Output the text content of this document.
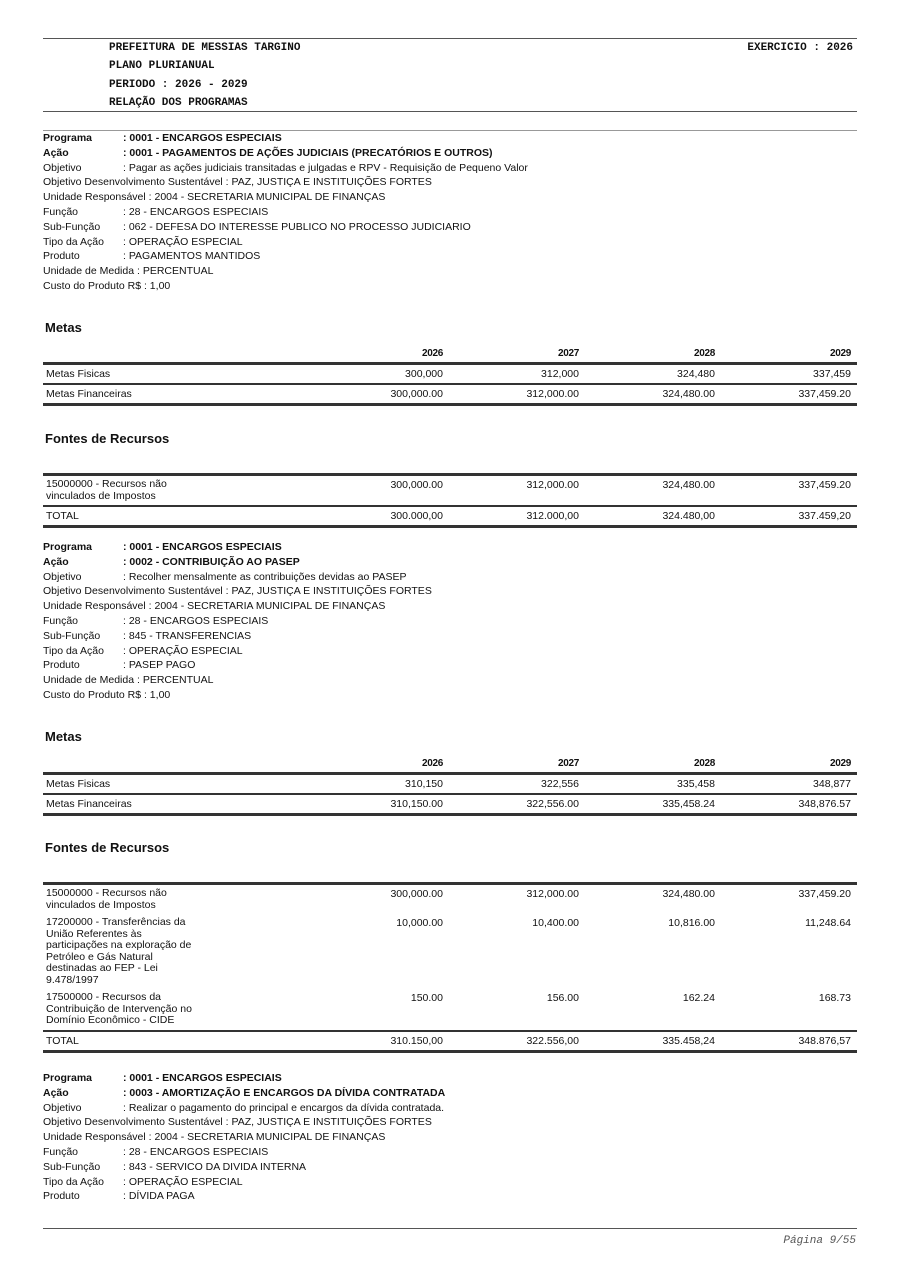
PREFEITURA DE MESSIAS TARGINO
PLANO PLURIANUAL
PERIODO : 2026 - 2029
RELAÇÃO DOS PROGRAMAS
EXERCICIO : 2026
Programa	: 0001 - ENCARGOS ESPECIAIS
Ação	: 0001 - PAGAMENTOS DE AÇÕES JUDICIAIS (PRECATÓRIOS E OUTROS)
Objetivo	: Pagar as ações judiciais transitadas e julgadas e RPV - Requisição de Pequeno Valor
Objetivo Desenvolvimento Sustentável : PAZ, JUSTIÇA E INSTITUIÇÕES FORTES
Unidade Responsável : 2004 - SECRETARIA MUNICIPAL DE FINANÇAS
Função	: 28 - ENCARGOS ESPECIAIS
Sub-Função	: 062 - DEFESA DO INTERESSE PUBLICO NO PROCESSO JUDICIARIO
Tipo da Ação	: OPERAÇÃO ESPECIAL
Produto	: PAGAMENTOS MANTIDOS
Unidade de Medida : PERCENTUAL
Custo do Produto R$ : 1,00
Metas
	2026	2027	2028	2029
Metas Fisicas	300,000	312,000	324,480	337,459
Metas Financeiras	300,000.00	312,000.00	324,480.00	337,459.20
Fontes de Recursos
15000000 - Recursos não vinculados de Impostos	300,000.00	312,000.00	324,480.00	337,459.20
TOTAL	300.000,00	312.000,00	324.480,00	337.459,20
Programa	: 0001 - ENCARGOS ESPECIAIS
Ação	: 0002 - CONTRIBUIÇÃO AO PASEP
Objetivo	: Recolher mensalmente as contribuições devidas ao PASEP
Objetivo Desenvolvimento Sustentável : PAZ, JUSTIÇA E INSTITUIÇÕES FORTES
Unidade Responsável : 2004 - SECRETARIA MUNICIPAL DE FINANÇAS
Função	: 28 - ENCARGOS ESPECIAIS
Sub-Função	: 845 - TRANSFERENCIAS
Tipo da Ação	: OPERAÇÃO ESPECIAL
Produto	: PASEP PAGO
Unidade de Medida : PERCENTUAL
Custo do Produto R$ : 1,00
Metas
	2026	2027	2028	2029
Metas Fisicas	310,150	322,556	335,458	348,877
Metas Financeiras	310,150.00	322,556.00	335,458.24	348,876.57
Fontes de Recursos
15000000 - Recursos não vinculados de Impostos	300,000.00	312,000.00	324,480.00	337,459.20
17200000 - Transferências da União Referentes às participações na exploração de Petróleo e Gás Natural destinadas ao FEP - Lei 9.478/1997	10,000.00	10,400.00	10,816.00	11,248.64
17500000 - Recursos da Contribuição de Intervenção no Domínio Econômico - CIDE	150.00	156.00	162.24	168.73
TOTAL	310.150,00	322.556,00	335.458,24	348.876,57
Programa	: 0001 - ENCARGOS ESPECIAIS
Ação	: 0003 - AMORTIZAÇÃO E ENCARGOS DA DÍVIDA CONTRATADA
Objetivo	: Realizar o pagamento do principal e encargos da dívida contratada.
Objetivo Desenvolvimento Sustentável : PAZ, JUSTIÇA E INSTITUIÇÕES FORTES
Unidade Responsável : 2004 - SECRETARIA MUNICIPAL DE FINANÇAS
Função	: 28 - ENCARGOS ESPECIAIS
Sub-Função	: 843 - SERVICO DA DIVIDA INTERNA
Tipo da Ação	: OPERAÇÃO ESPECIAL
Produto	: DÍVIDA PAGA
Página 9/55
